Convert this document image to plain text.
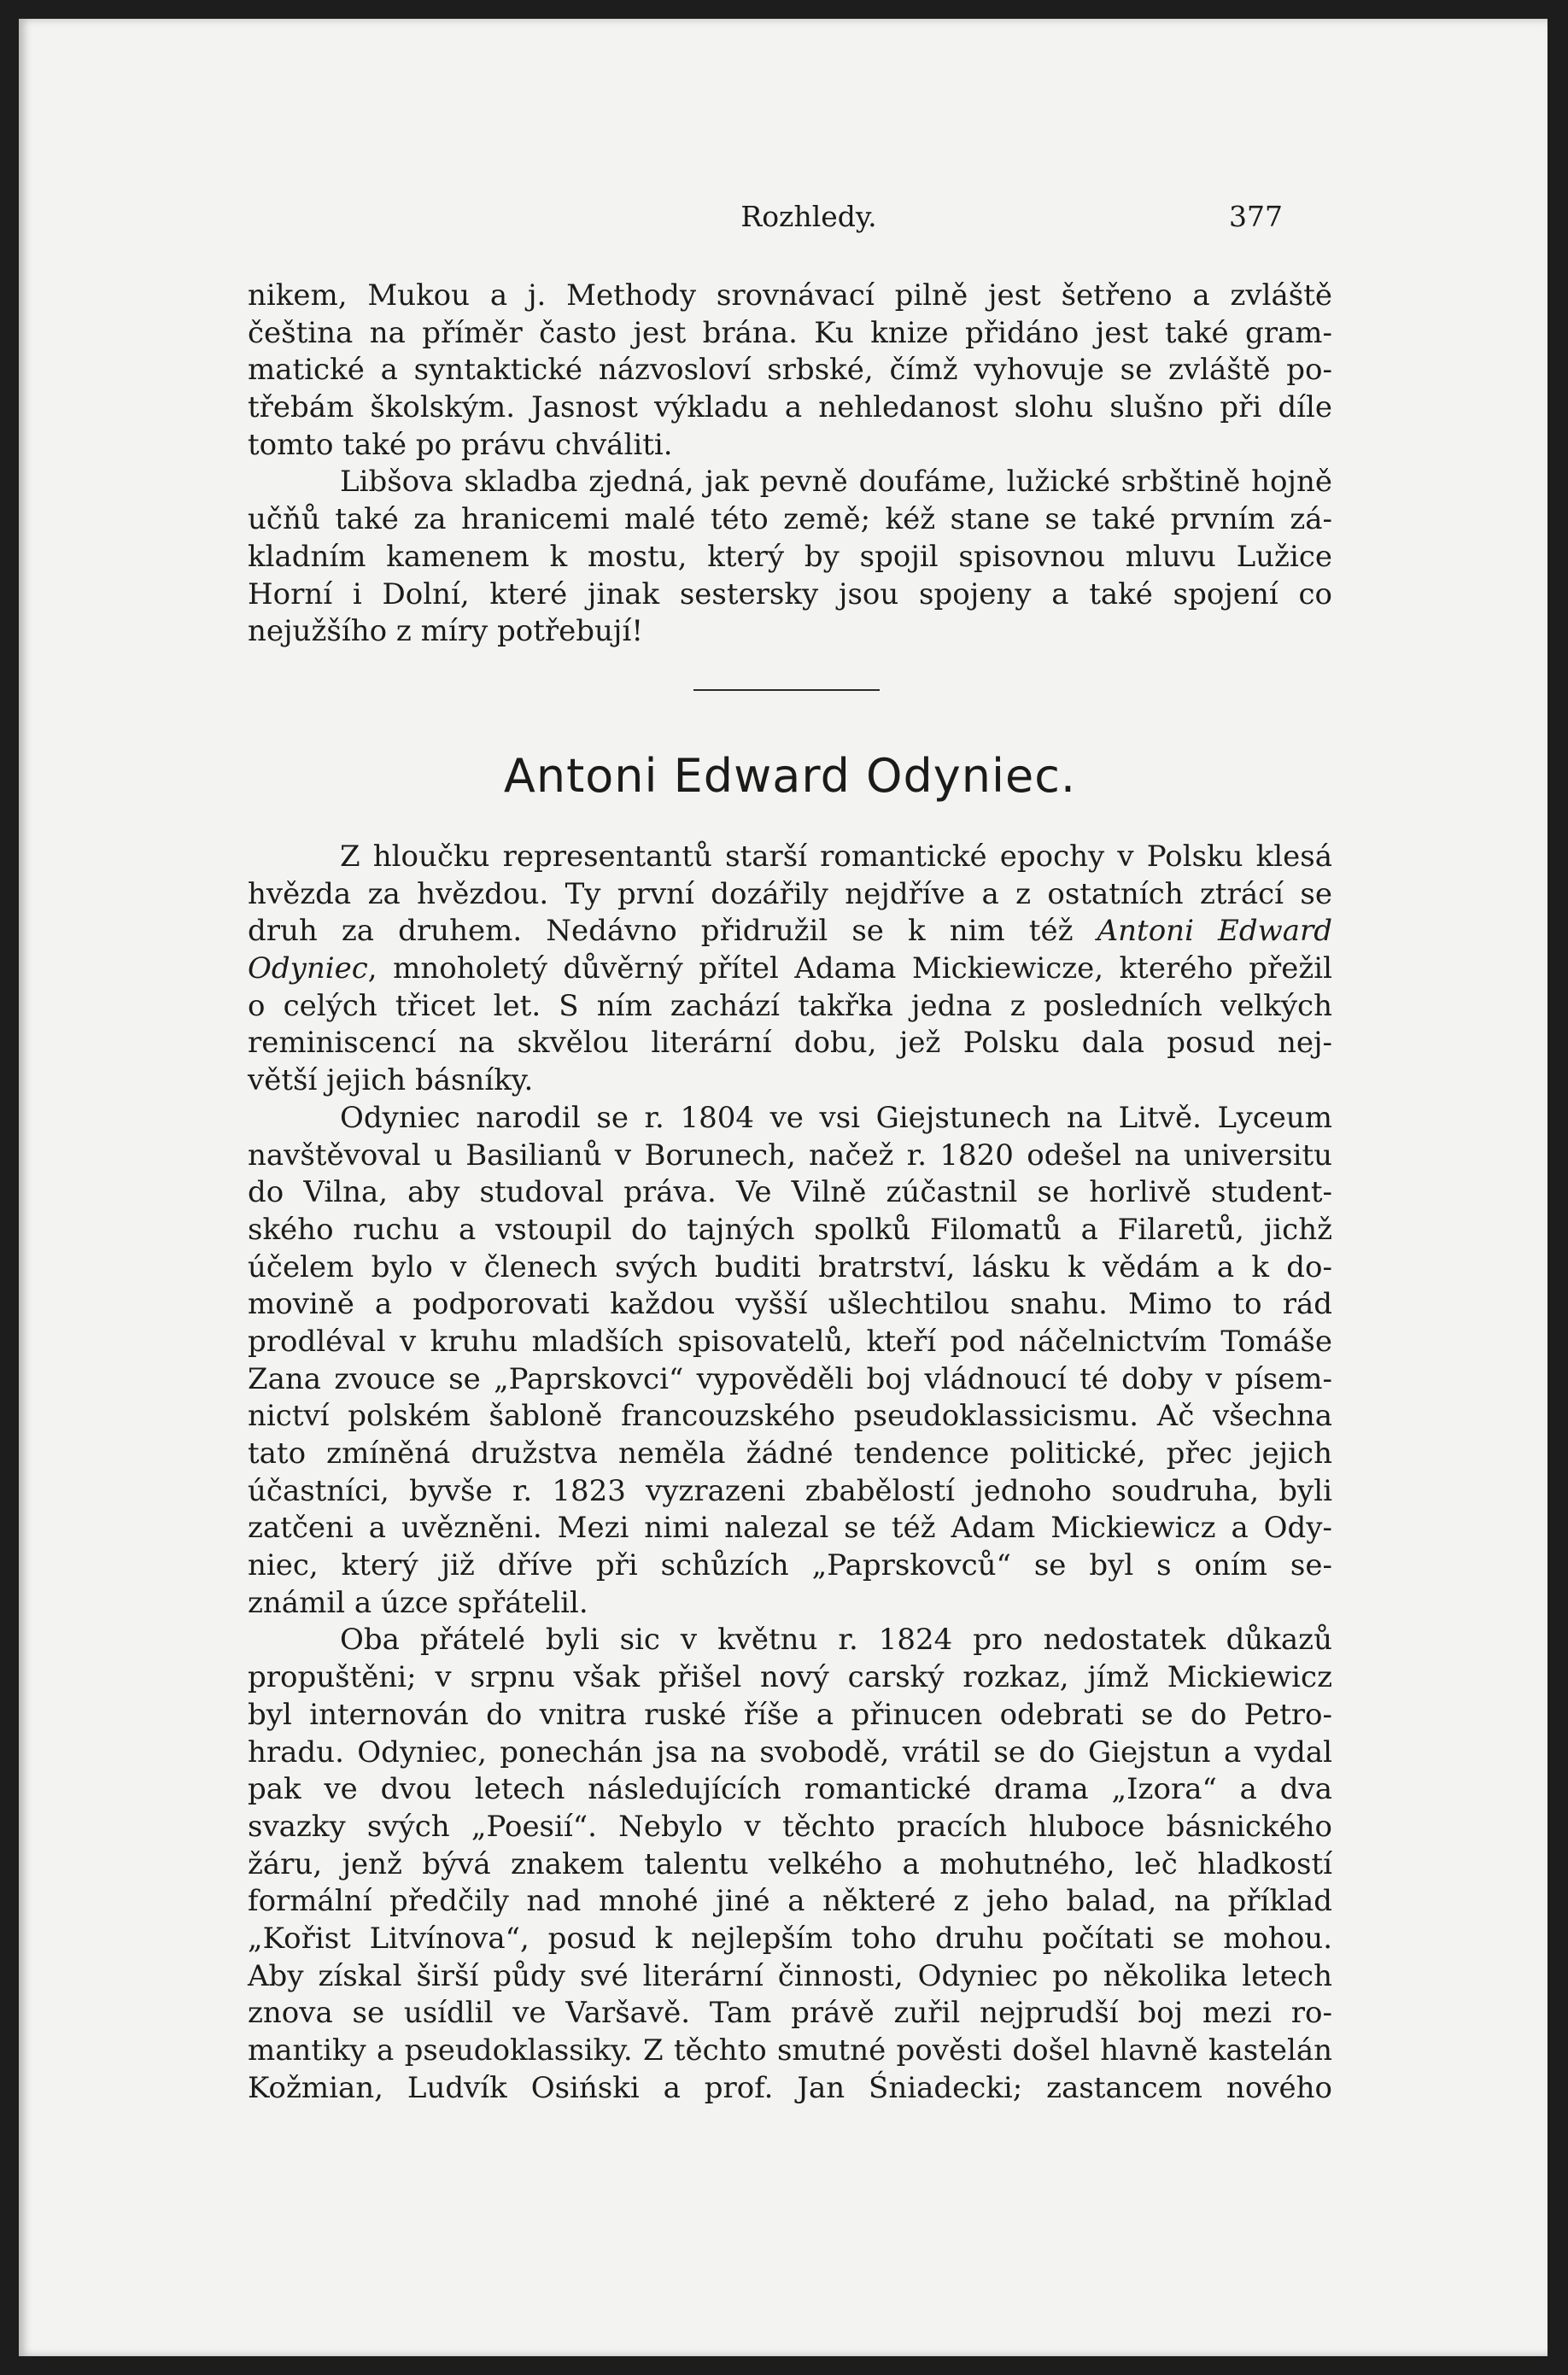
Rozhledy.	377
nikem, Mukou a j. Methody srovnávací pilně jest šetřeno a zvláště
čeština na příměr často jest brána. Ku knize přidáno jest také gram-
matické a syntaktické názvosloví srbské, čímž vyhovuje se zvláště po-
třebám školským. Jasnost výkladu a nehledanost slohu slušno při díle
tomto také po právu chváliti.
Libšova skladba zjedná, jak pevně doufáme, lužické srbštině hojně
učňů také za hranicemi malé této země; kéž stane se také prvním zá-
kladním kamenem k mostu, který by spojil spisovnou mluvu Lužice
Horní i Dolní, které jinak sestersky jsou spojeny a také spojení co
nejužšího z míry potřebují!
Antoni Edward Odyniec.
Z hloučku representantů starší romantické epochy v Polsku klesá
hvězda za hvězdou. Ty první dozářily nejdříve a z ostatních ztrácí se
druh za druhem. Nedávno přidružil se k nim též Antoni Edward
Odyniec, mnoholetý důvěrný přítel Adama Mickiewicze, kterého přežil
o celých třicet let. S ním zachází takřka jedna z posledních velkých
reminiscencí na skvělou literární dobu, jež Polsku dala posud nej-
větší jejich básníky.
Odyniec narodil se r. 1804 ve vsi Giejstunech na Litvě. Lyceum
navštěvoval u Basilianů v Borunech, načež r. 1820 odešel na universitu
do Vilna, aby studoval práva. Ve Vilně zúčastnil se horlivě student-
ského ruchu a vstoupil do tajných spolků Filomatů a Filaretů, jichž
účelem bylo v členech svých buditi bratrství, lásku k vědám a k do-
movině a podporovati každou vyšší ušlechtilou snahu. Mimo to rád
prodléval v kruhu mladších spisovatelů, kteří pod náčelnictvím Tomáše
Zana zvouce se „Paprskovci“ vypověděli boj vládnoucí té doby v písem-
nictví polském šabloně francouzského pseudoklassicismu. Ač všechna
tato zmíněná družstva neměla žádné tendence politické, přec jejich
účastníci, byvše r. 1823 vyzrazeni zbabělostí jednoho soudruha, byli
zatčeni a uvězněni. Mezi nimi nalezal se též Adam Mickiewicz a Ody-
niec, který již dříve při schůzích „Paprskovců“ se byl s oním se-
známil a úzce spřátelil.
Oba přátelé byli sic v květnu r. 1824 pro nedostatek důkazů
propuštěni; v srpnu však přišel nový carský rozkaz, jímž Mickiewicz
byl internován do vnitra ruské říše a přinucen odebrati se do Petro-
hradu. Odyniec, ponechán jsa na svobodě, vrátil se do Giejstun a vydal
pak ve dvou letech následujících romantické drama „Izora“ a dva
svazky svých „Poesií“. Nebylo v těchto pracích hluboce básnického
žáru, jenž bývá znakem talentu velkého a mohutného, leč hladkostí
formální předčily nad mnohé jiné a některé z jeho balad, na příklad
„Kořist Litvínova“, posud k nejlepším toho druhu počítati se mohou.
Aby získal širší půdy své literární činnosti, Odyniec po několika letech
znova se usídlil ve Varšavě. Tam právě zuřil nejprudší boj mezi ro-
mantiky a pseudoklassiky. Z těchto smutné pověsti došel hlavně kastelán
Kožmian, Ludvík Osiński a prof. Jan Śniadecki; zastancem nového
